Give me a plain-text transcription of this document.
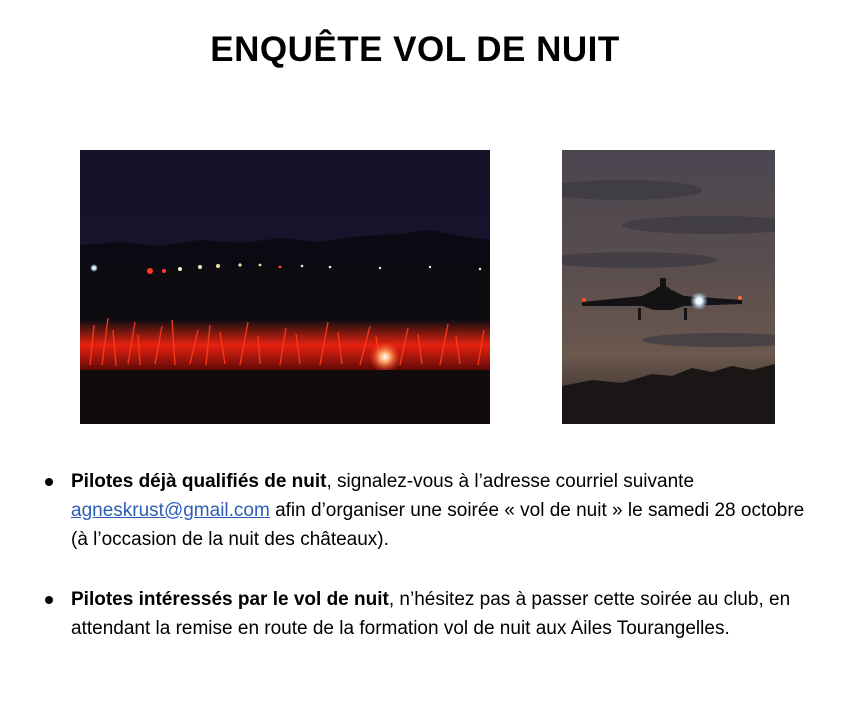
ENQUÊTE VOL DE NUIT
Pilotes déjà qualifiés de nuit, signalez-vous à l’adresse courriel suivante agneskrust@gmail.com afin d’organiser une soirée « vol de nuit » le samedi 28 octobre (à l’occasion de la nuit des châteaux).
Pilotes intéressés par le vol de nuit, n’hésitez pas à passer cette soirée au club, en attendant la remise en route de la formation vol de nuit aux Ailes Tourangelles.
